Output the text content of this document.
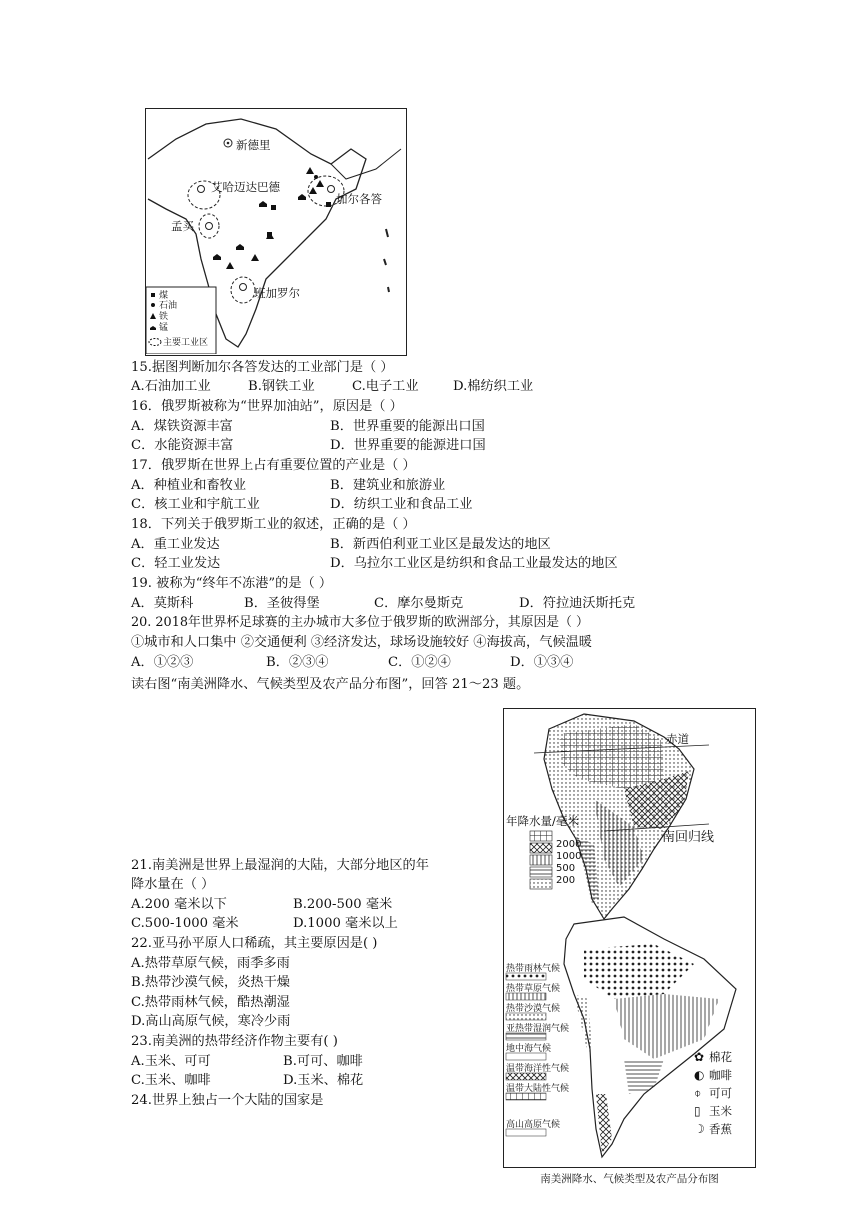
新德里
艾哈迈达巴德
加尔各答
孟买
班加罗尔
煤
石油
铁
锰
主要工业区
15.据图判断加尔各答发达的工业部门是（ ）
A.石油加工业	B.钢铁工业	C.电子工业	D.棉纺织工业
16．俄罗斯被称为“世界加油站”，原因是（ ）
A．煤铁资源丰富	B．世界重要的能源出口国
C．水能资源丰富	D．世界重要的能源进口国
17．俄罗斯在世界上占有重要位置的产业是（ ）
A．种植业和畜牧业	B．建筑业和旅游业
C．核工业和宇航工业	D．纺织工业和食品工业
18．下列关于俄罗斯工业的叙述，正确的是（ ）
A．重工业发达	B．新西伯利亚工业区是最发达的地区
C．轻工业发达	D．乌拉尔工业区是纺织和食品工业最发达的地区
19. 被称为“终年不冻港”的是（ ）
A．莫斯科	B．圣彼得堡	C．摩尔曼斯克	D．符拉迪沃斯托克
20. 2018年世界杯足球赛的主办城市大多位于俄罗斯的欧洲部分，其原因是（ ）
①城市和人口集中 ②交通便利 ③经济发达，球场设施较好 ④海拔高，气候温暖
A．①②③	B．②③④	C．①②④	D．①③④
读右图“南美洲降水、气候类型及农产品分布图”，回答 21～23 题。
21.南美洲是世界上最湿润的大陆，大部分地区的年
降水量在（ ）
A.200 毫米以下	B.200-500 毫米
C.500-1000 毫米	D.1000 毫米以上
22.亚马孙平原人口稀疏，其主要原因是( )
A.热带草原气候，雨季多雨
B.热带沙漠气候，炎热干燥
C.热带雨林气候，酷热潮湿
D.高山高原气候，寒冷少雨
23.南美洲的热带经济作物主要有( )
A.玉米、可可	B.可可、咖啡
C.玉米、咖啡	D.玉米、棉花
24.世界上独占一个大陆的国家是
赤道
南回归线
年降水量/毫米
2000
1000
500
200
热带雨林气候
热带草原气候
热带沙漠气候
亚热带湿润气候
地中海气候
温带海洋性气候
温带大陆性气候
高山高原气候
✿ 棉花
◐ 咖啡
⌽ 可可
▯ 玉米
☽ 香蕉
南美洲降水、气候类型及农产品分布图
